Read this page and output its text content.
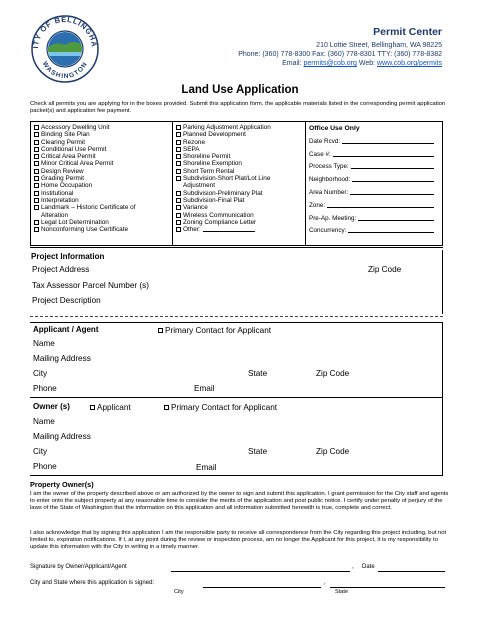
ITY OF BELLINGHA
WASHINGTON
Permit Center
210 Lottie Street, Bellingham, WA 98225
Phone: (360) 778-8300 Fax: (360) 778-8301 TTY: (360) 778-8382
Email: permits@cob.org Web: www.cob.org/permits
Land Use Application
Check all permits you are applying for in the boxes provided. Submit this application form, the applicable materials listed in the corresponding permit application packet(s) and application fee payment.
Accessory Dwelling Unit
Binding Site Plan
Clearing Permit
Conditional Use Permit
Critical Area Permit
Minor Critical Area Permit
Design Review
Grading Permit
Home Occupation
Institutional
Interpretation
Landmark – Historic Certificate of
Alteration
Legal Lot Determination
Nonconforming Use Certificate
Parking Adjustment Application
Planned Development
Rezone
SEPA
Shoreline Permit
Shoreline Exemption
Short Term Rental
Subdivision-Short Plat/Lot Line
Adjustment
Subdivision-Preliminary Plat
Subdivision-Final Plat
Variance
Wireless Communication
Zoning Compliance Letter
Other:
Office Use Only
Date Rcvd:
Case #:
Process Type:
Neighborhood:
Area Number:
Zone:
Pre-Ap. Meeting:
Concurrency:
Project Information
Project Address	Zip Code
Tax Assessor Parcel Number (s)
Project Description
Applicant / Agent	Primary Contact for Applicant
Name
Mailing Address
City	State	Zip Code
Phone	Email
Owner (s)	Applicant	Primary Contact for Applicant
Name
Mailing Address
City	State	Zip Code
Phone	Email
Property Owner(s)
I am the owner of the property described above or am authorized by the owner to sign and submit this application. I grant permission for the City staff and agents to enter onto the subject property at any reasonable time to consider the merits of the application and post public notice. I certify under penalty of perjury of the laws of the State of Washington that the information on this application and all information submitted herewith is true, complete and correct.
I also acknowledge that by signing this application I am the responsible party to receive all correspondence from the City regarding this project including, but not limited to, expiration notifications. If I, at any point during the review or inspection process, am no longer the Applicant for this project, it is my responsibility to update this information with the City in writing in a timely manner.
Signature by Owner/Applicant/Agent	, Date
City and State where this application is signed:	,
City	State
